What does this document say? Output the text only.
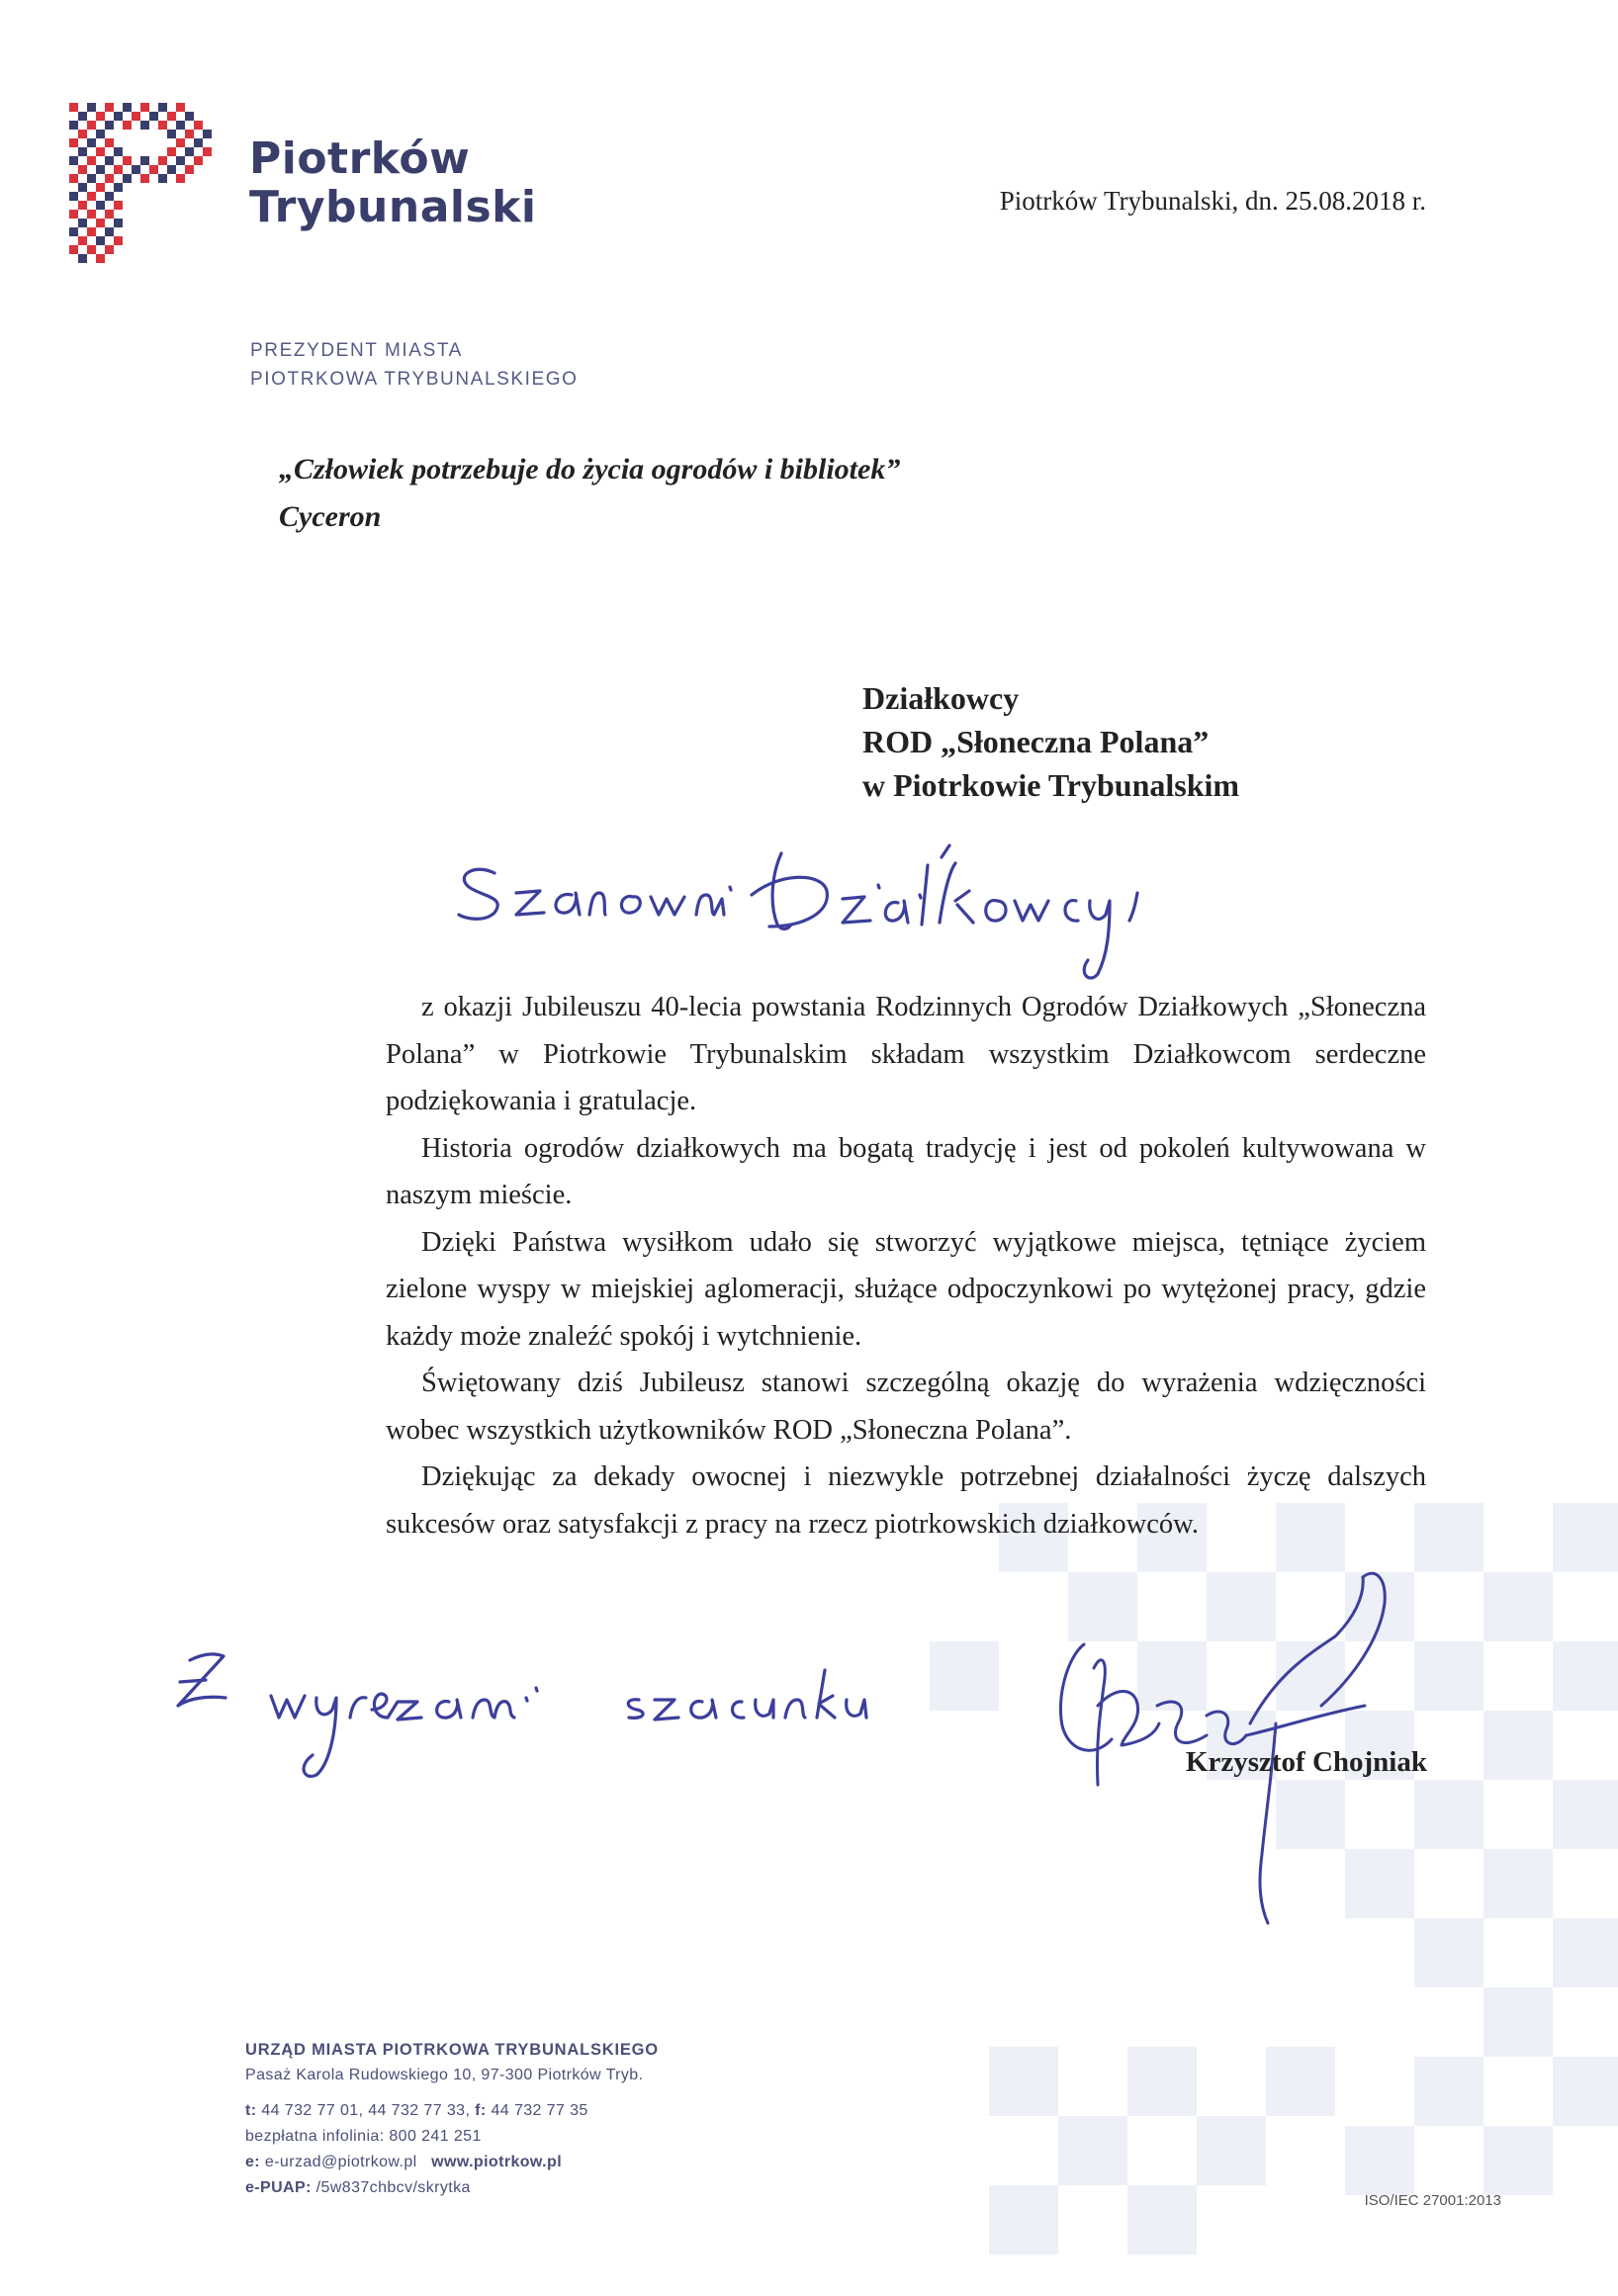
Piotrków
Trybunalski	Piotrków Trybunalski, dn. 25.08.2018 r.
PREZYDENT MIASTA
PIOTRKOWA TRYBUNALSKIEGO
„Człowiek potrzebuje do życia ogrodów i bibliotek”
Cyceron
Działkowcy
ROD „Słoneczna Polana”
w Piotrkowie Trybunalskim

z okazji Jubileuszu 40-lecia powstania Rodzinnych Ogrodów Działkowych „Słoneczna Polana” w Piotrkowie Trybunalskim składam wszystkim Działkowcom serdeczne podziękowania i gratulacje.

Historia ogrodów działkowych ma bogatą tradycję i jest od pokoleń kultywowana w naszym mieście.

Dzięki Państwa wysiłkom udało się stworzyć wyjątkowe miejsca, tętniące życiem zielone wyspy w miejskiej aglomeracji, służące odpoczynkowi po wytężonej pracy, gdzie każdy może znaleźć spokój i wytchnienie.

Świętowany dziś Jubileusz stanowi szczególną okazję do wyrażenia wdzięczności wobec wszystkich użytkowników ROD „Słoneczna Polana”.

Dziękując za dekady owocnej i niezwykle potrzebnej działalności życzę dalszych sukcesów oraz satysfakcji z pracy na rzecz piotrkowskich działkowców.

Krzysztof Chojniak
URZĄD MIASTA PIOTRKOWA TRYBUNALSKIEGO
Pasaż Karola Rudowskiego 10, 97-300 Piotrków Tryb.
t: 44 732 77 01, 44 732 77 33, f: 44 732 77 35
bezpłatna infolinia: 800 241 251
e: e-urzad@piotrkow.pl www.piotrkow.pl
e-PUAP: /5w837chbcv/skrytka
ISO/IEC 27001:2013
